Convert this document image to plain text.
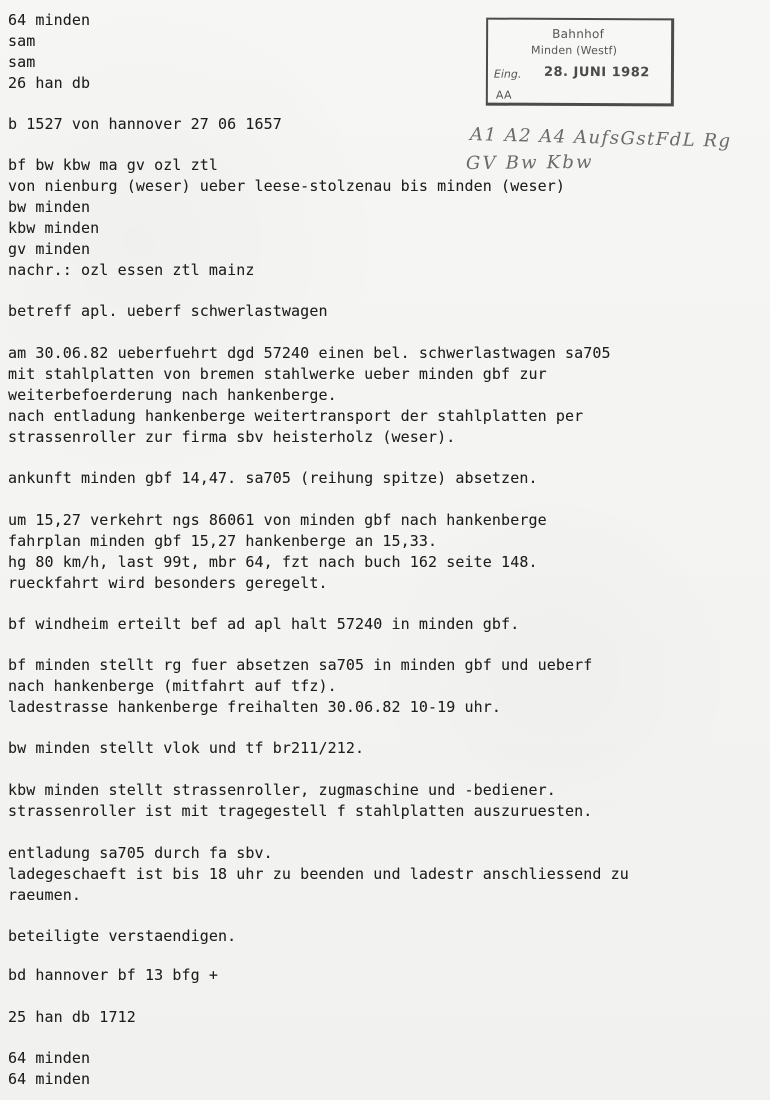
64 minden
sam
sam
26 han db
b 1527 von hannover 27 06 1657
bf bw kbw ma gv ozl ztl
von nienburg (weser) ueber leese-stolzenau bis minden (weser)
bw minden
kbw minden
gv minden
nachr.: ozl essen ztl mainz
betreff apl. ueberf schwerlastwagen
am 30.06.82 ueberfuehrt dgd 57240 einen bel. schwerlastwagen sa705
mit stahlplatten von bremen stahlwerke ueber minden gbf zur
weiterbefoerderung nach hankenberge.
nach entladung hankenberge weitertransport der stahlplatten per
strassenroller zur firma sbv heisterholz (weser).
ankunft minden gbf 14,47. sa705 (reihung spitze) absetzen.
um 15,27 verkehrt ngs 86061 von minden gbf nach hankenberge
fahrplan minden gbf 15,27 hankenberge an 15,33.
hg 80 km/h, last 99t, mbr 64, fzt nach buch 162 seite 148.
rueckfahrt wird besonders geregelt.
bf windheim erteilt bef ad apl halt 57240 in minden gbf.
bf minden stellt rg fuer absetzen sa705 in minden gbf und ueberf
nach hankenberge (mitfahrt auf tfz).
ladestrasse hankenberge freihalten 30.06.82 10-19 uhr.
bw minden stellt vlok und tf br211/212.
kbw minden stellt strassenroller, zugmaschine und -bediener.
strassenroller ist mit tragegestell f stahlplatten auszuruesten.
entladung sa705 durch fa sbv.
ladegeschaeft ist bis 18 uhr zu beenden und ladestr anschliessend zu
raeumen.
beteiligte verstaendigen.
bd hannover bf 13 bfg +
25 han db 1712
64 minden
64 minden
Bahnhof
Minden (Westf)
Eing. 28. JUNI 1982
AA
A1 A2 A4 AufsGstFdL Rg
GV Bw Kbw
